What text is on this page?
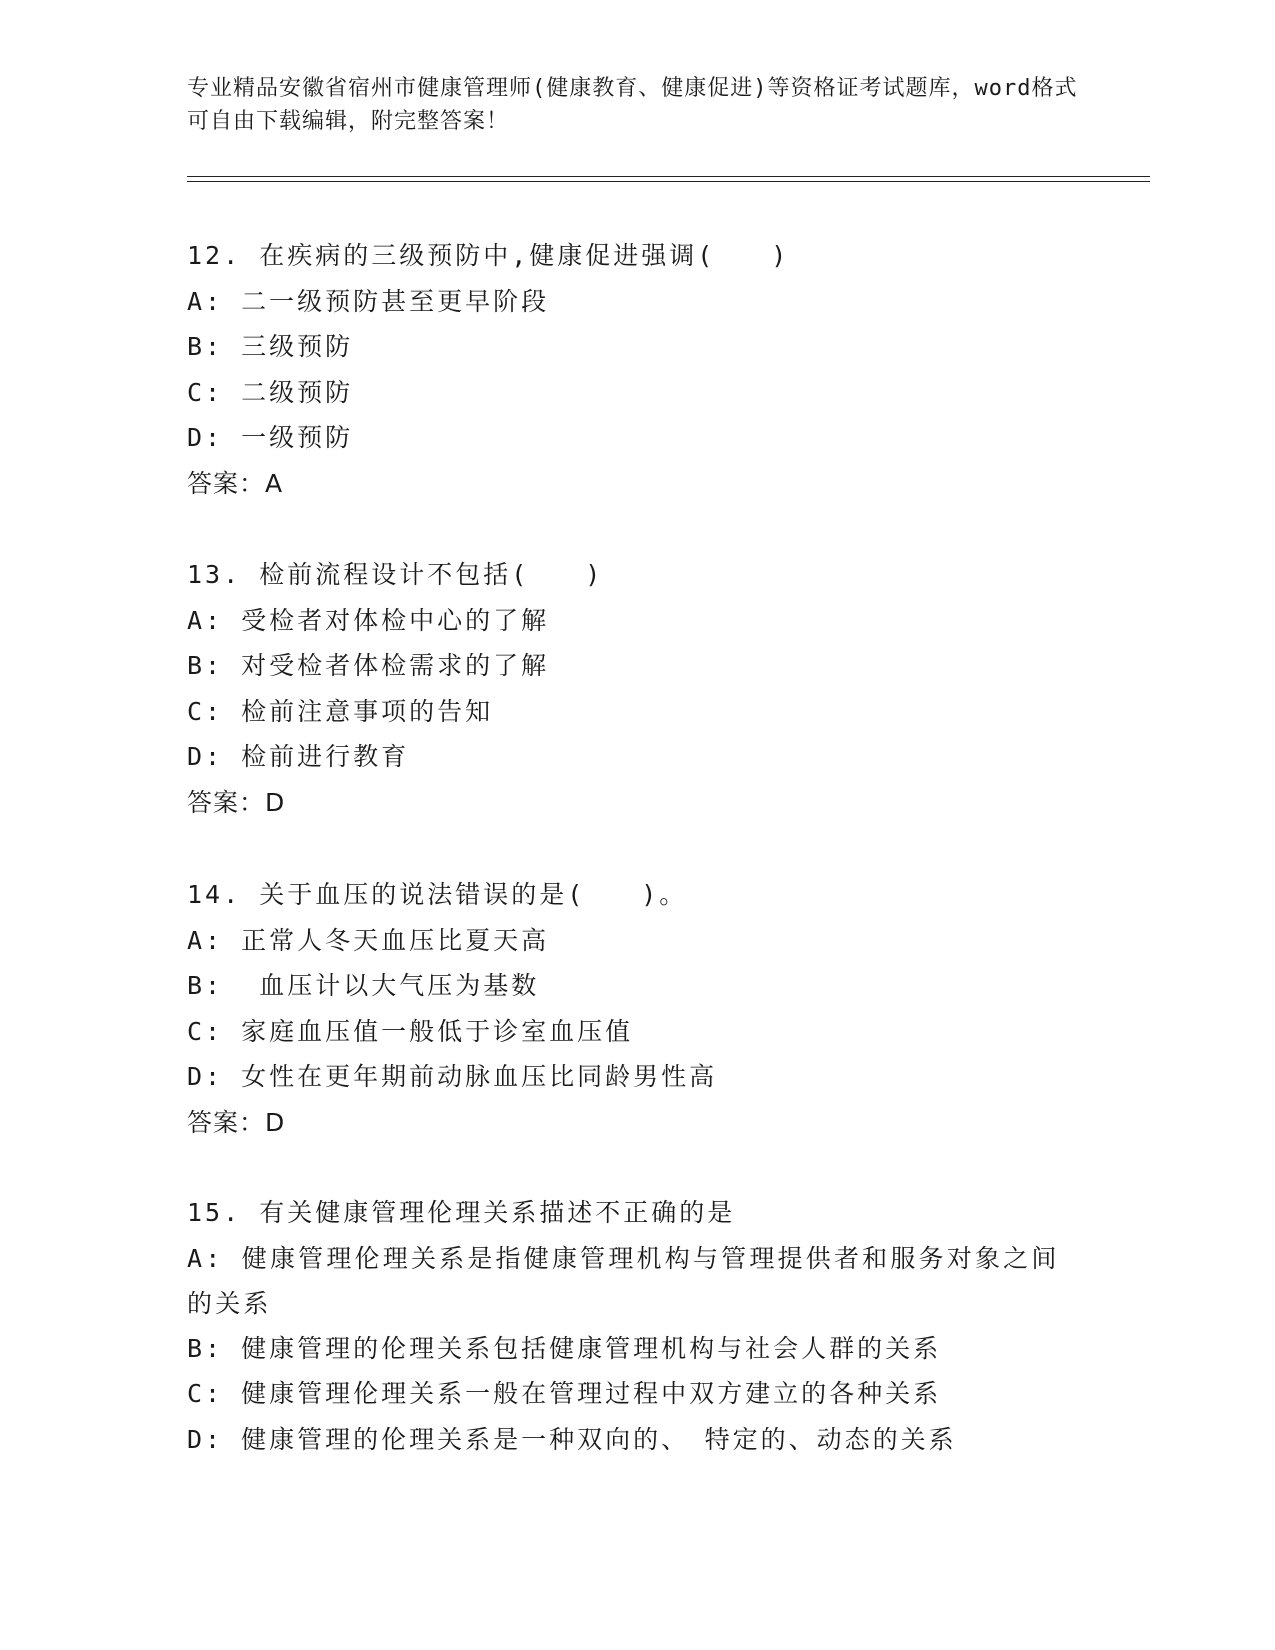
专业精品安徽省宿州市健康管理师(健康教育、健康促进)等资格证考试题库，word格式可自由下载编辑，附完整答案！
12. 在疾病的三级预防中,健康促进强调(　　)
A: 二一级预防甚至更早阶段
B: 三级预防
C: 二级预防
D: 一级预防
答案：A
13. 检前流程设计不包括(　　)
A: 受检者对体检中心的了解
B: 对受检者体检需求的了解
C: 检前注意事项的告知
D: 检前进行教育
答案：D
14. 关于血压的说法错误的是(　　)。
A: 正常人冬天血压比夏天高
B:  血压计以大气压为基数
C: 家庭血压值一般低于诊室血压值
D: 女性在更年期前动脉血压比同龄男性高
答案：D
15. 有关健康管理伦理关系描述不正确的是
A: 健康管理伦理关系是指健康管理机构与管理提供者和服务对象之间的关系
B: 健康管理的伦理关系包括健康管理机构与社会人群的关系
C: 健康管理伦理关系一般在管理过程中双方建立的各种关系
D: 健康管理的伦理关系是一种双向的、　特定的、动态的关系
